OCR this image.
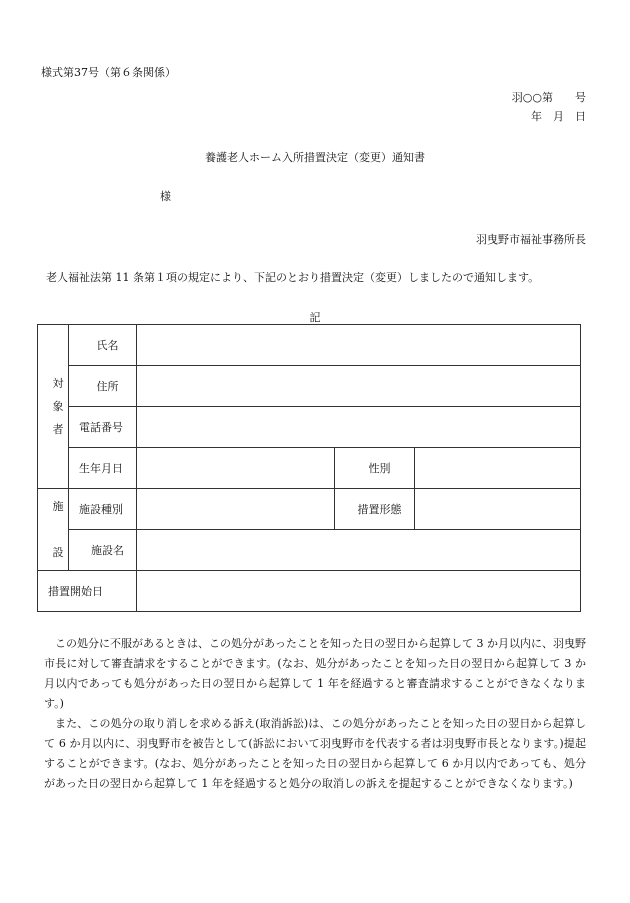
様式第37号（第６条関係）
羽○○第　　号
年　月　日
養護老人ホーム入所措置決定（変更）通知書
様
羽曳野市福祉事務所長
老人福祉法第 11 条第１項の規定により、下記のとおり措置決定（変更）しましたので通知します。
記
対
象
者	氏名			
	住所			
	電話番号			
	生年月日		性別	
施

設	施設種別		措置形態	
	施設名			
措置開始日				

この処分に不服があるときは、この処分があったことを知った日の翌日から起算して 3 か月以内に、羽曳野市長に対して審査請求をすることができます。(なお、処分があったことを知った日の翌日から起算して 3 か月以内であっても処分があった日の翌日から起算して 1 年を経過すると審査請求することができなくなります。)

また、この処分の取り消しを求める訴え(取消訴訟)は、この処分があったことを知った日の翌日から起算して 6 か月以内に、羽曳野市を被告として(訴訟において羽曳野市を代表する者は羽曳野市長となります。)提起することができます。(なお、処分があったことを知った日の翌日から起算して 6 か月以内であっても、処分があった日の翌日から起算して 1 年を経過すると処分の取消しの訴えを提起することができなくなります。)
